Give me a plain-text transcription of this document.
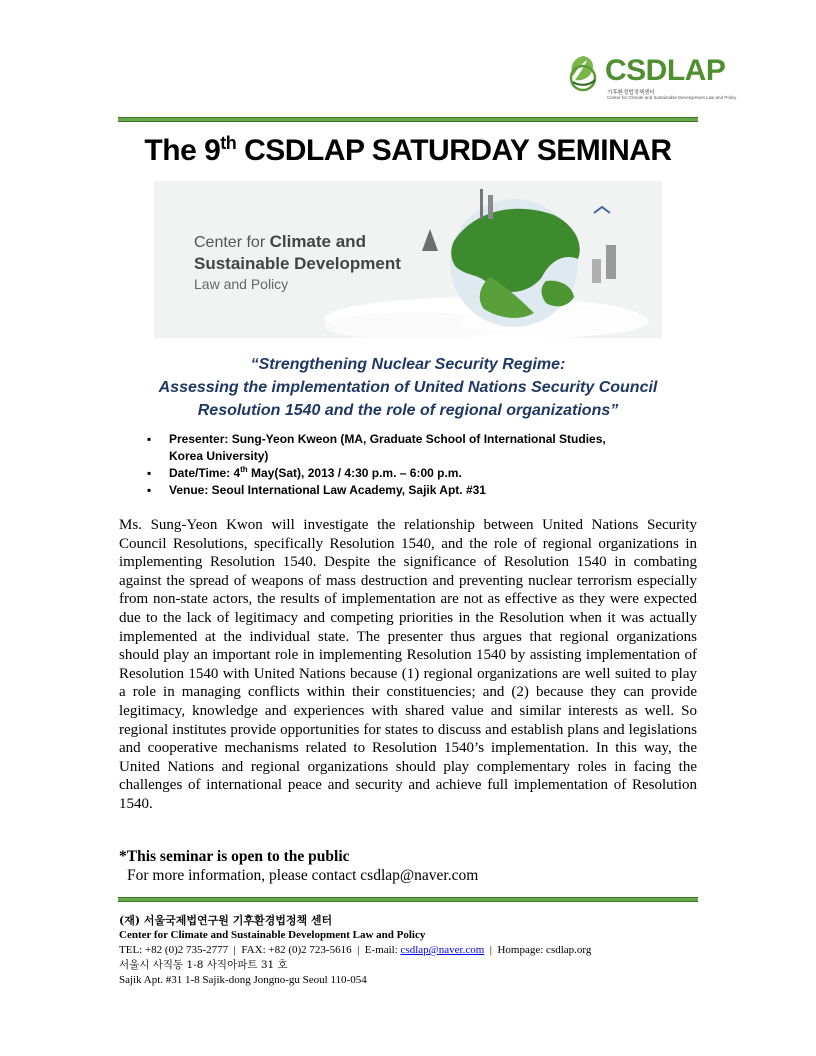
CSDLAP
기후환경법정책센터
Center for Climate and Sustainable Development Law and Policy
The 9th CSDLAP SATURDAY SEMINAR
Center for Climate and
Sustainable Development
Law and Policy
“Strengthening Nuclear Security Regime:
Assessing the implementation of United Nations Security Council
Resolution 1540 and the role of regional organizations”
▪ Presenter: Sung-Yeon Kweon (MA, Graduate School of International Studies,
Korea University)
▪ Date/Time: 4th May(Sat), 2013 / 4:30 p.m. – 6:00 p.m.
▪ Venue: Seoul International Law Academy, Sajik Apt. #31
Ms. Sung-Yeon Kwon will investigate the relationship between United Nations Security Council Resolutions, specifically Resolution 1540, and the role of regional organizations in implementing Resolution 1540. Despite the significance of Resolution 1540 in combating against the spread of weapons of mass destruction and preventing nuclear terrorism especially from non-state actors, the results of implementation are not as effective as they were expected due to the lack of legitimacy and competing priorities in the Resolution when it was actually implemented at the individual state. The presenter thus argues that regional organizations should play an important role in implementing Resolution 1540 by assisting implementation of Resolution 1540 with United Nations because (1) regional organizations are well suited to play a role in managing conflicts within their constituencies; and (2) because they can provide legitimacy, knowledge and experiences with shared value and similar interests as well. So regional institutes provide opportunities for states to discuss and establish plans and legislations and cooperative mechanisms related to Resolution 1540’s implementation. In this way, the United Nations and regional organizations should play complementary roles in facing the challenges of international peace and security and achieve full implementation of Resolution 1540.
*This seminar is open to the public
For more information, please contact csdlap@naver.com
(재) 서울국제법연구원 기후환경법정책 센터
Center for Climate and Sustainable Development Law and Policy
TEL: +82 (0)2 735-2777  |  FAX: +82 (0)2 723-5616  |  E-mail: csdlap@naver.com  |  Hompage: csdlap.org
서울시 사직동 1-8 사직아파트 31 호
Sajik Apt. #31 1-8 Sajik-dong Jongno-gu Seoul 110-054
